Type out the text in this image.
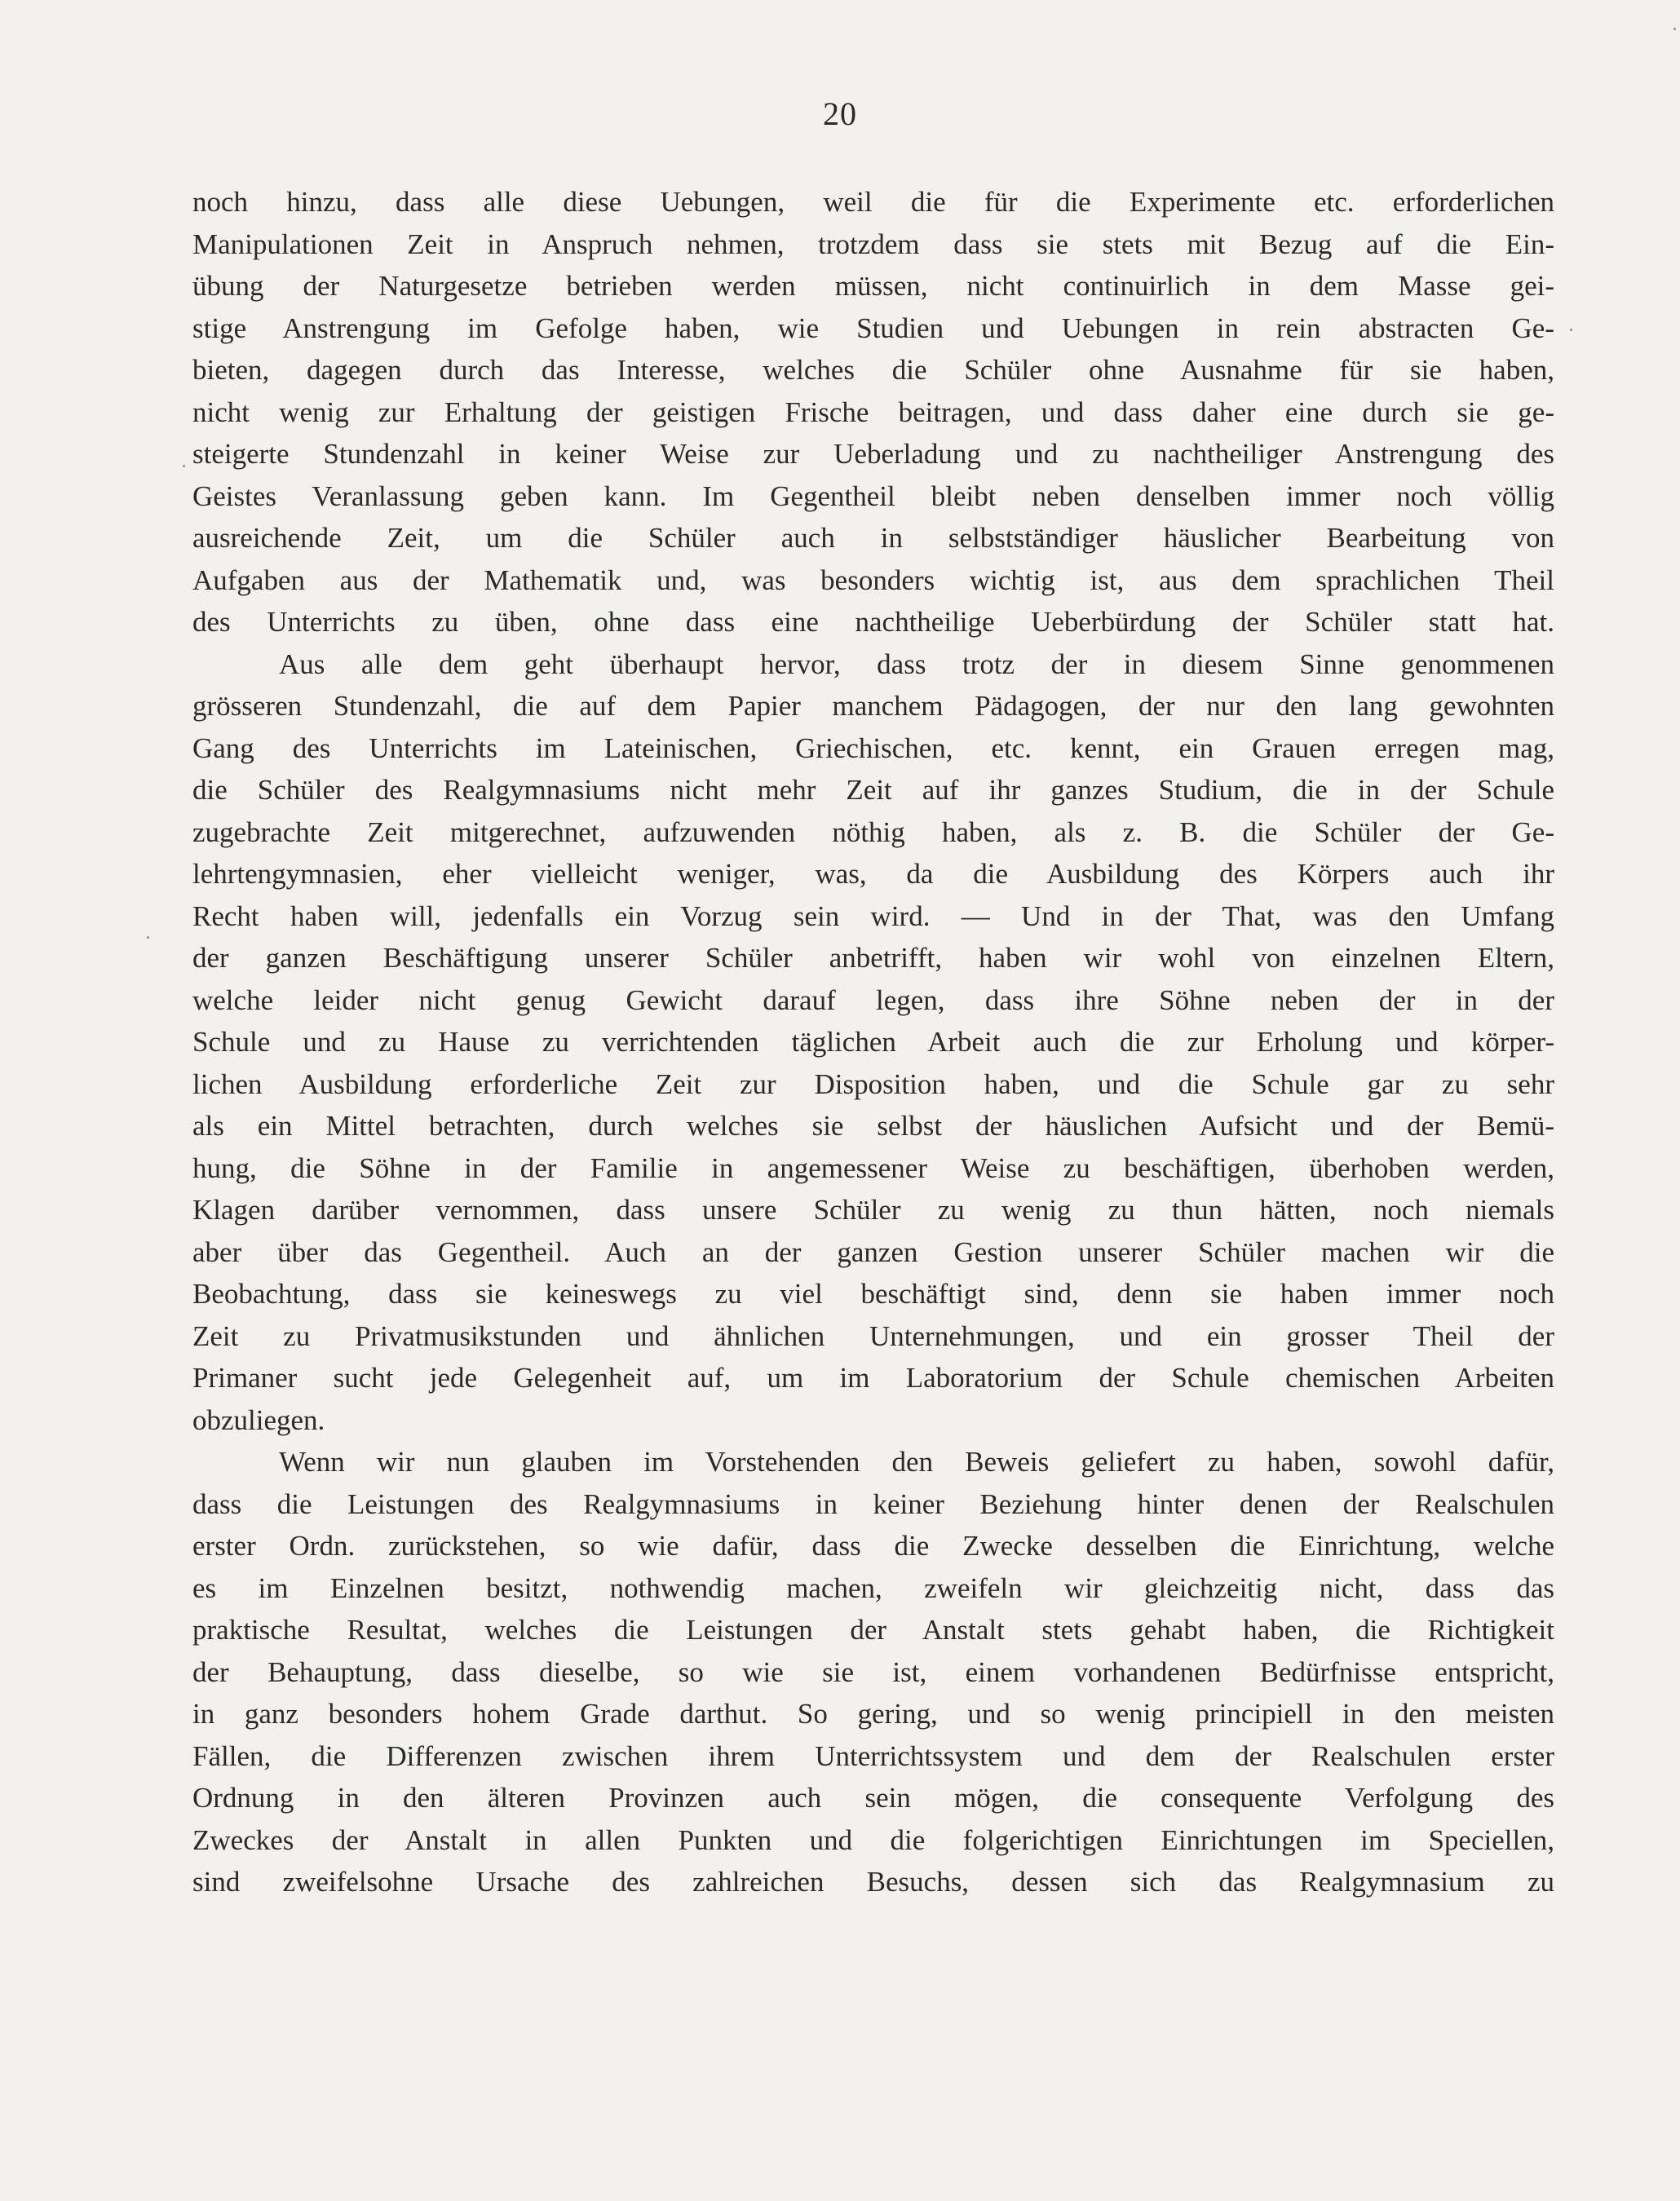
20
noch hinzu, dass alle diese Uebungen, weil die für die Experimente etc. erforderlichen
Manipulationen Zeit in Anspruch nehmen, trotzdem dass sie stets mit Bezug auf die Ein-
übung der Naturgesetze betrieben werden müssen, nicht continuirlich in dem Masse gei-
stige Anstrengung im Gefolge haben, wie Studien und Uebungen in rein abstracten Ge-
bieten, dagegen durch das Interesse, welches die Schüler ohne Ausnahme für sie haben,
nicht wenig zur Erhaltung der geistigen Frische beitragen, und dass daher eine durch sie ge-
steigerte Stundenzahl in keiner Weise zur Ueberladung und zu nachtheiliger Anstrengung des
Geistes Veranlassung geben kann. Im Gegentheil bleibt neben denselben immer noch völlig
ausreichende Zeit, um die Schüler auch in selbstständiger häuslicher Bearbeitung von
Aufgaben aus der Mathematik und, was besonders wichtig ist, aus dem sprachlichen Theil
des Unterrichts zu üben, ohne dass eine nachtheilige Ueberbürdung der Schüler statt hat.
Aus alle dem geht überhaupt hervor, dass trotz der in diesem Sinne genommenen
grösseren Stundenzahl, die auf dem Papier manchem Pädagogen, der nur den lang gewohnten
Gang des Unterrichts im Lateinischen, Griechischen, etc. kennt, ein Grauen erregen mag,
die Schüler des Realgymnasiums nicht mehr Zeit auf ihr ganzes Studium, die in der Schule
zugebrachte Zeit mitgerechnet, aufzuwenden nöthig haben, als z. B. die Schüler der Ge-
lehrtengymnasien, eher vielleicht weniger, was, da die Ausbildung des Körpers auch ihr
Recht haben will, jedenfalls ein Vorzug sein wird. — Und in der That, was den Umfang
der ganzen Beschäftigung unserer Schüler anbetrifft, haben wir wohl von einzelnen Eltern,
welche leider nicht genug Gewicht darauf legen, dass ihre Söhne neben der in der
Schule und zu Hause zu verrichtenden täglichen Arbeit auch die zur Erholung und körper-
lichen Ausbildung erforderliche Zeit zur Disposition haben, und die Schule gar zu sehr
als ein Mittel betrachten, durch welches sie selbst der häuslichen Aufsicht und der Bemü-
hung, die Söhne in der Familie in angemessener Weise zu beschäftigen, überhoben werden,
Klagen darüber vernommen, dass unsere Schüler zu wenig zu thun hätten, noch niemals
aber über das Gegentheil. Auch an der ganzen Gestion unserer Schüler machen wir die
Beobachtung, dass sie keineswegs zu viel beschäftigt sind, denn sie haben immer noch
Zeit zu Privatmusikstunden und ähnlichen Unternehmungen, und ein grosser Theil der
Primaner sucht jede Gelegenheit auf, um im Laboratorium der Schule chemischen Arbeiten
obzuliegen.
Wenn wir nun glauben im Vorstehenden den Beweis geliefert zu haben, sowohl dafür,
dass die Leistungen des Realgymnasiums in keiner Beziehung hinter denen der Realschulen
erster Ordn. zurückstehen, so wie dafür, dass die Zwecke desselben die Einrichtung, welche
es im Einzelnen besitzt, nothwendig machen, zweifeln wir gleichzeitig nicht, dass das
praktische Resultat, welches die Leistungen der Anstalt stets gehabt haben, die Richtigkeit
der Behauptung, dass dieselbe, so wie sie ist, einem vorhandenen Bedürfnisse entspricht,
in ganz besonders hohem Grade darthut. So gering, und so wenig principiell in den meisten
Fällen, die Differenzen zwischen ihrem Unterrichtssystem und dem der Realschulen erster
Ordnung in den älteren Provinzen auch sein mögen, die consequente Verfolgung des
Zweckes der Anstalt in allen Punkten und die folgerichtigen Einrichtungen im Speciellen,
sind zweifelsohne Ursache des zahlreichen Besuchs, dessen sich das Realgymnasium zu
